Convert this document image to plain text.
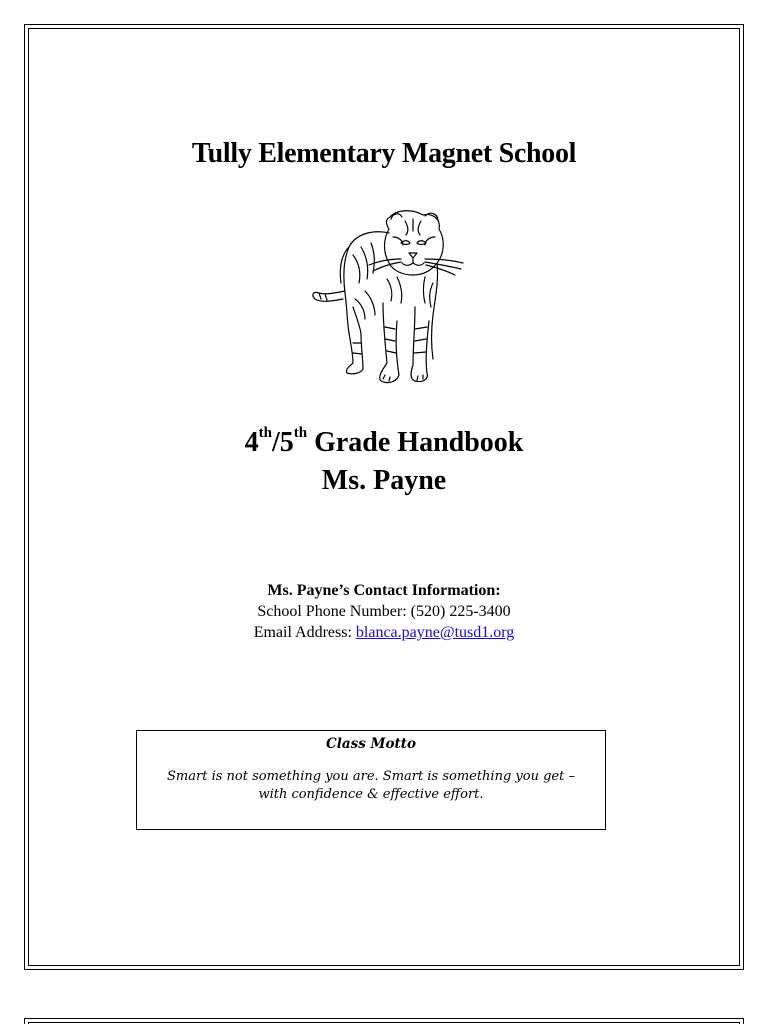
Tully Elementary Magnet School
4th/5th Grade Handbook
Ms. Payne
Ms. Payne’s Contact Information:
School Phone Number: (520) 225-3400
Email Address: blanca.payne@tusd1.org
Class Motto
Smart is not something you are. Smart is something you get – with confidence & effective effort.
